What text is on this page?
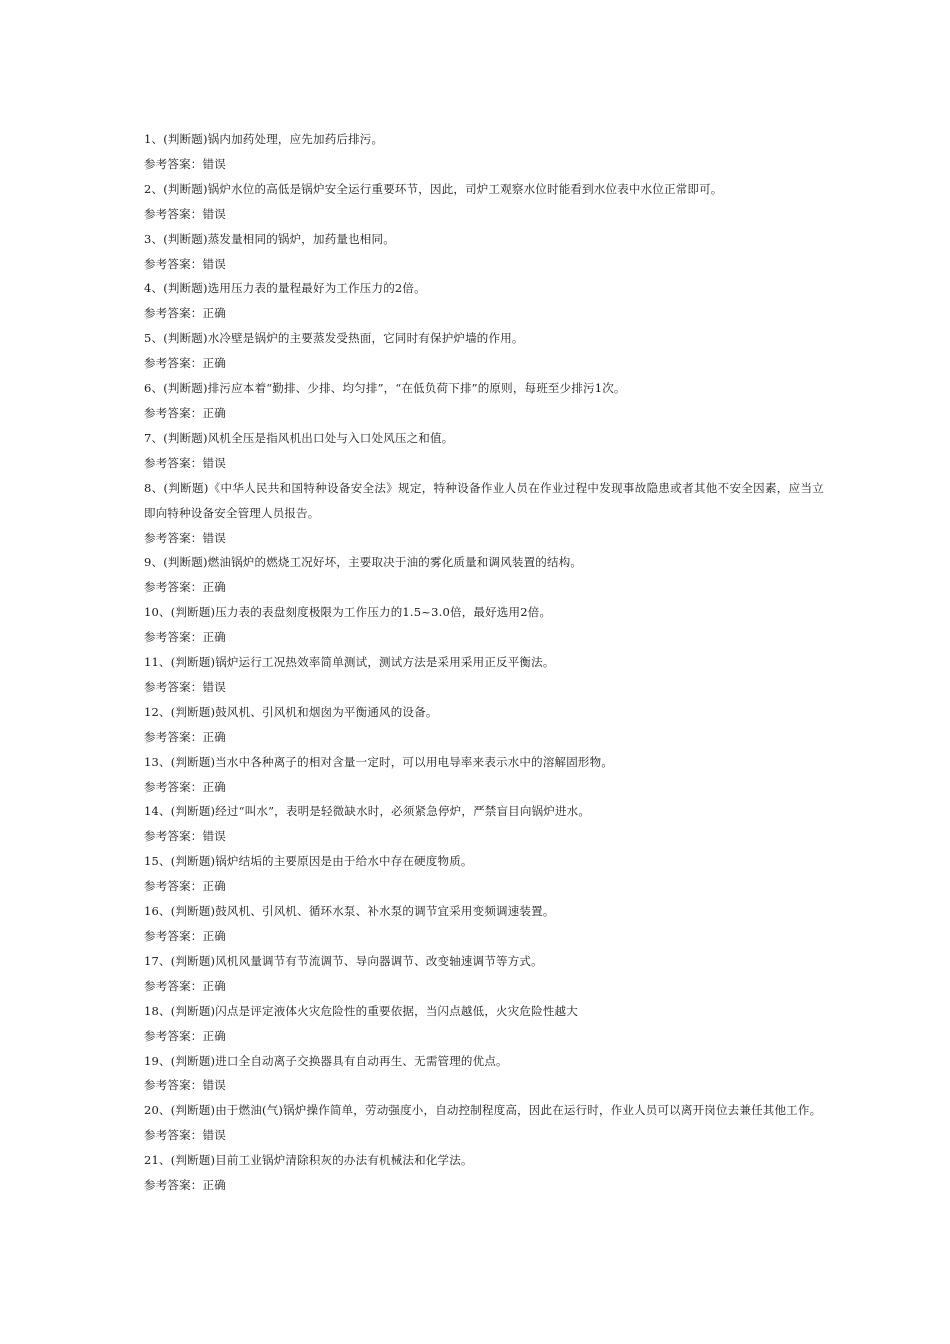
1、(判断题)锅内加药处理，应先加药后排污。

参考答案：错误

2、(判断题)锅炉水位的高低是锅炉安全运行重要环节，因此，司炉工观察水位时能看到水位表中水位正常即可。

参考答案：错误

3、(判断题)蒸发量相同的锅炉，加药量也相同。

参考答案：错误

4、(判断题)选用压力表的量程最好为工作压力的2倍。

参考答案：正确

5、(判断题)水冷壁是锅炉的主要蒸发受热面，它同时有保护炉墙的作用。

参考答案：正确

6、(判断题)排污应本着“勤排、少排、均匀排”，“在低负荷下排”的原则，每班至少排污1次。

参考答案：正确

7、(判断题)风机全压是指风机出口处与入口处风压之和值。

参考答案：错误

8、(判断题)《中华人民共和国特种设备安全法》规定，特种设备作业人员在作业过程中发现事故隐患或者其他不安全因素，应当立即向特种设备安全管理人员报告。

参考答案：错误

9、(判断题)燃油锅炉的燃烧工况好坏，主要取决于油的雾化质量和调风装置的结构。

参考答案：正确

10、(判断题)压力表的表盘刻度极限为工作压力的1.5~3.0倍，最好选用2倍。

参考答案：正确

11、(判断题)锅炉运行工况热效率简单测试，测试方法是采用采用正反平衡法。

参考答案：错误

12、(判断题)鼓风机、引风机和烟囱为平衡通风的设备。

参考答案：正确

13、(判断题)当水中各种离子的相对含量一定时，可以用电导率来表示水中的溶解固形物。

参考答案：正确

14、(判断题)经过“叫水”，表明是轻微缺水时，必须紧急停炉，严禁盲目向锅炉进水。

参考答案：错误

15、(判断题)锅炉结垢的主要原因是由于给水中存在硬度物质。

参考答案：正确

16、(判断题)鼓风机、引风机、循环水泵、补水泵的调节宜采用变频调速装置。

参考答案：正确

17、(判断题)风机风量调节有节流调节、导向器调节、改变轴速调节等方式。

参考答案：正确

18、(判断题)闪点是评定液体火灾危险性的重要依据，当闪点越低，火灾危险性越大

参考答案：正确

19、(判断题)进口全自动离子交换器具有自动再生、无需管理的优点。

参考答案：错误

20、(判断题)由于燃油(气)锅炉操作简单，劳动强度小，自动控制程度高，因此在运行时，作业人员可以离开岗位去兼任其他工作。

参考答案：错误

21、(判断题)目前工业锅炉清除积灰的办法有机械法和化学法。

参考答案：正确
